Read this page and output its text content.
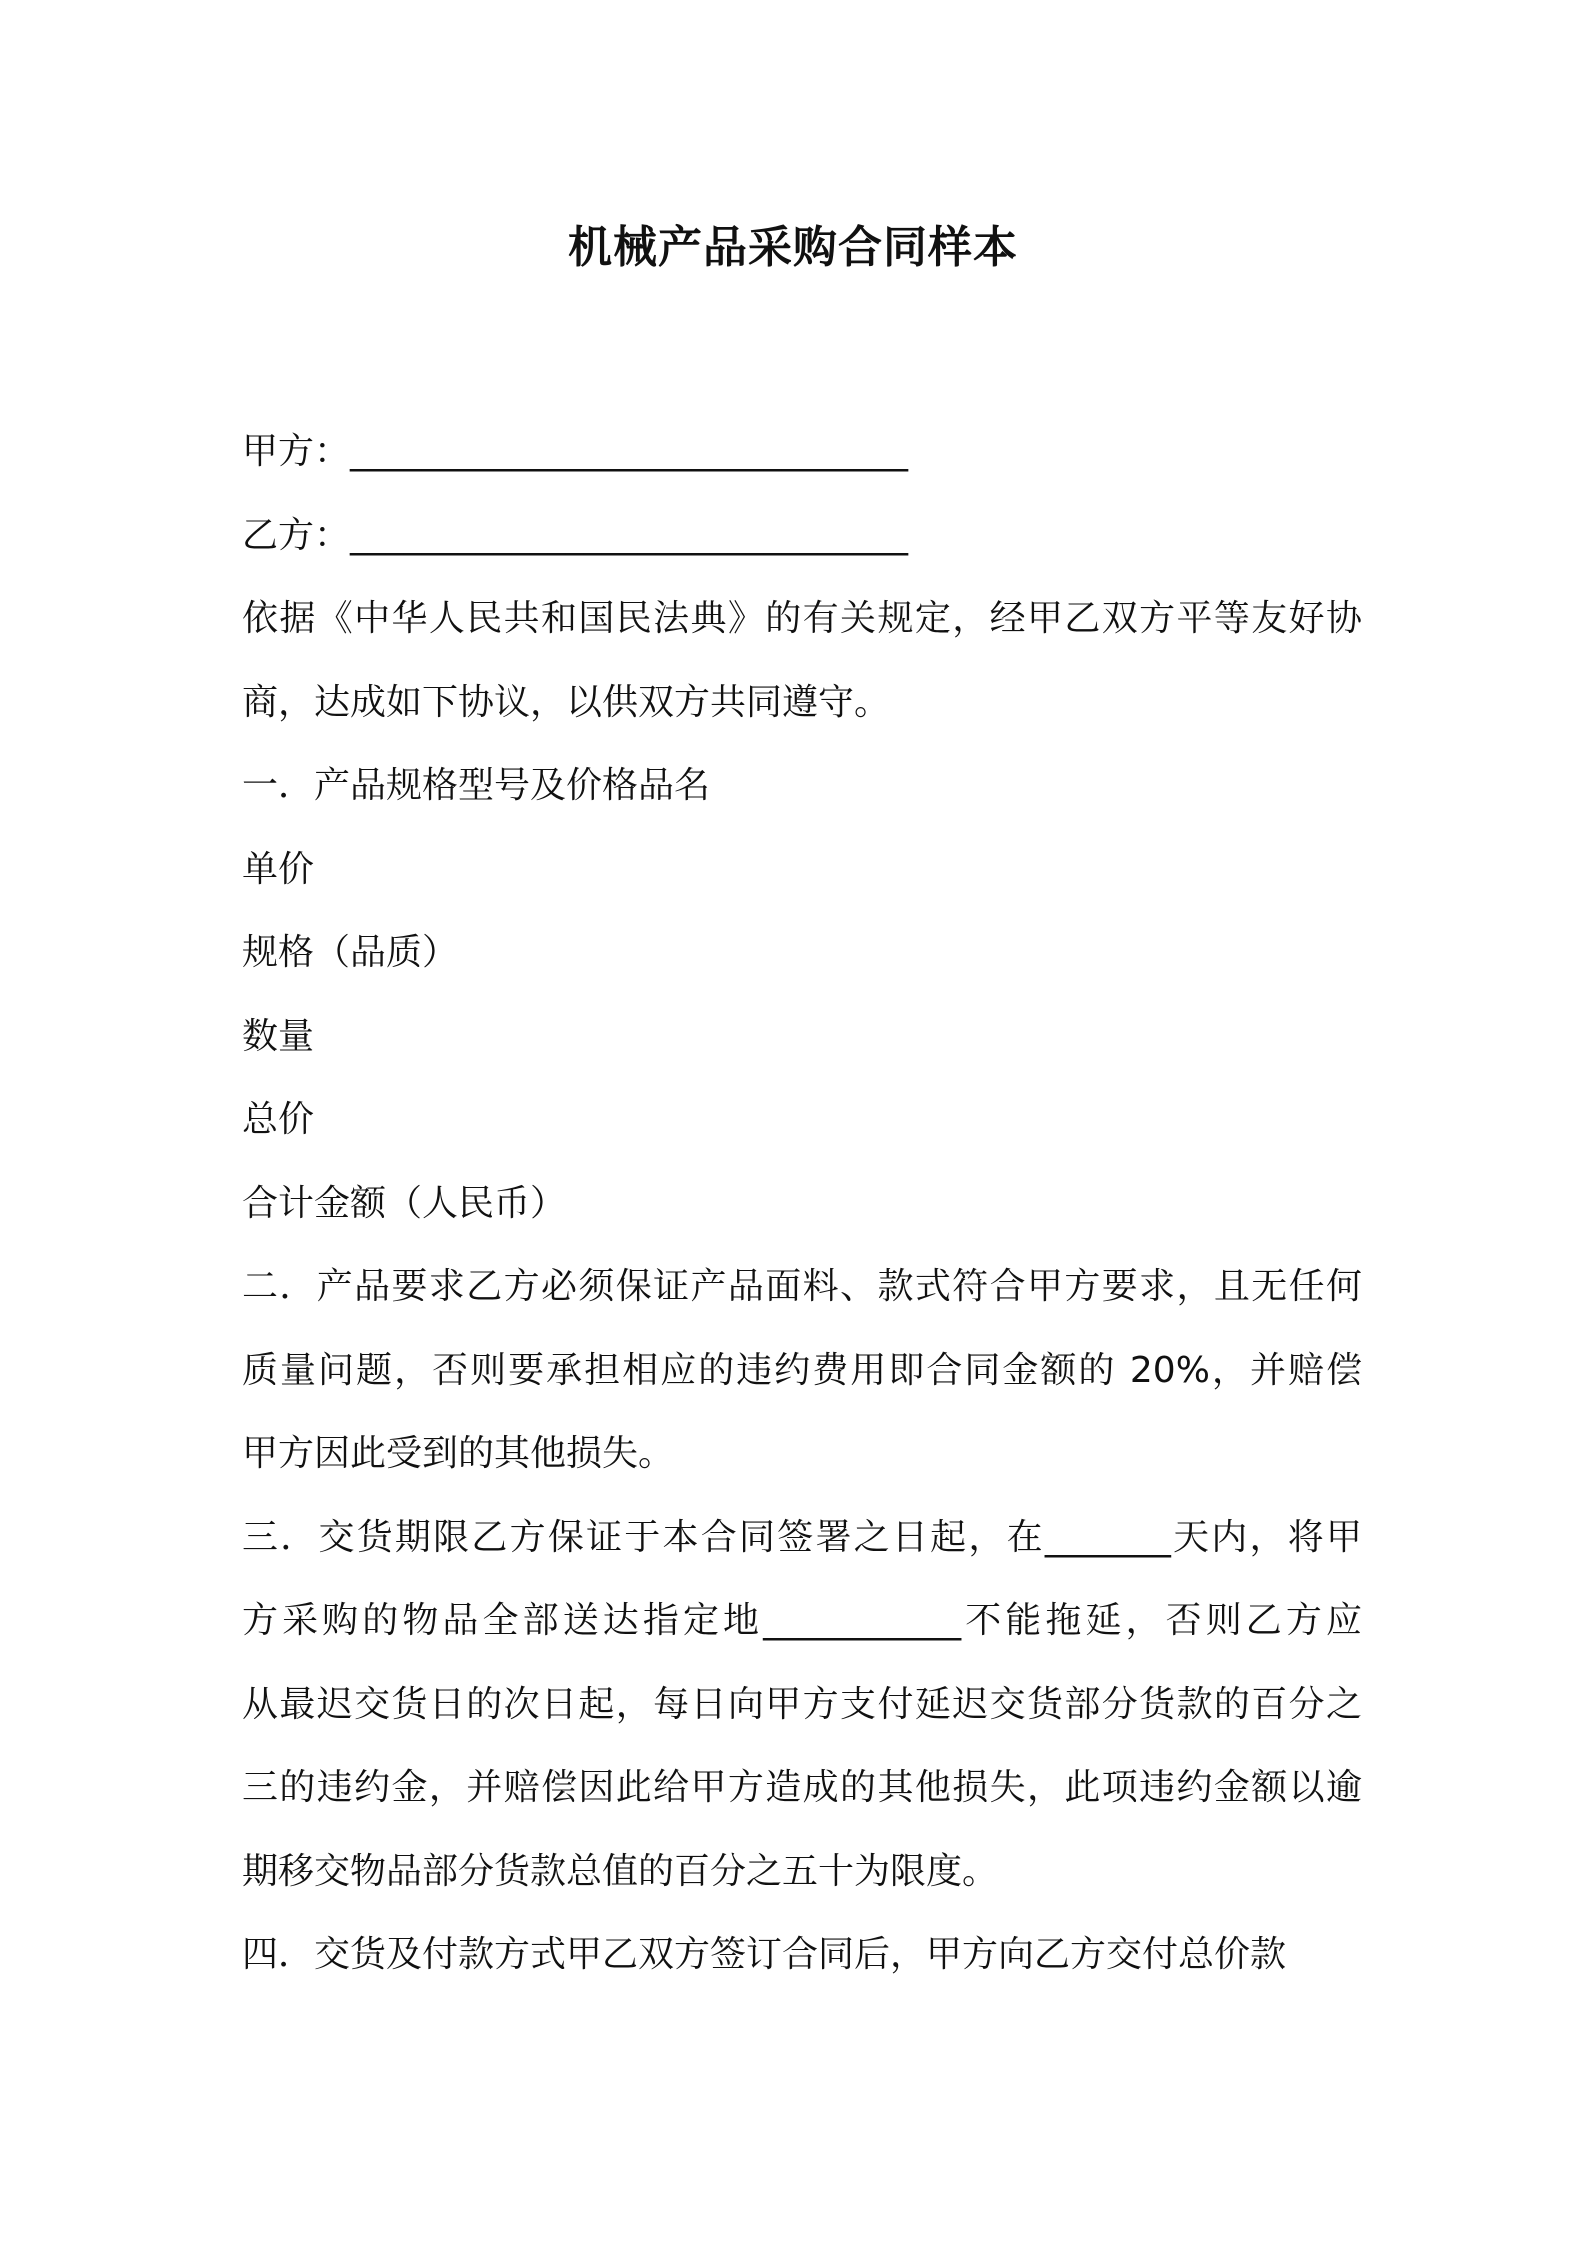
机械产品采购合同样本

甲方：_______________________________

乙方：_______________________________

依据《中华人民共和国民法典》的有关规定，经甲乙双方平等友好协

商，达成如下协议，以供双方共同遵守。

一．产品规格型号及价格品名

单价

规格（品质）

数量

总价

合计金额（人民币）

二．产品要求乙方必须保证产品面料、款式符合甲方要求，且无任何

质量问题，否则要承担相应的违约费用即合同金额的 20%，并赔偿

甲方因此受到的其他损失。

三．交货期限乙方保证于本合同签署之日起，在_______天内，将甲

方采购的物品全部送达指定地___________不能拖延，否则乙方应

从最迟交货日的次日起，每日向甲方支付延迟交货部分货款的百分之

三的违约金，并赔偿因此给甲方造成的其他损失，此项违约金额以逾

期移交物品部分货款总值的百分之五十为限度。

四．交货及付款方式甲乙双方签订合同后，甲方向乙方交付总价款
